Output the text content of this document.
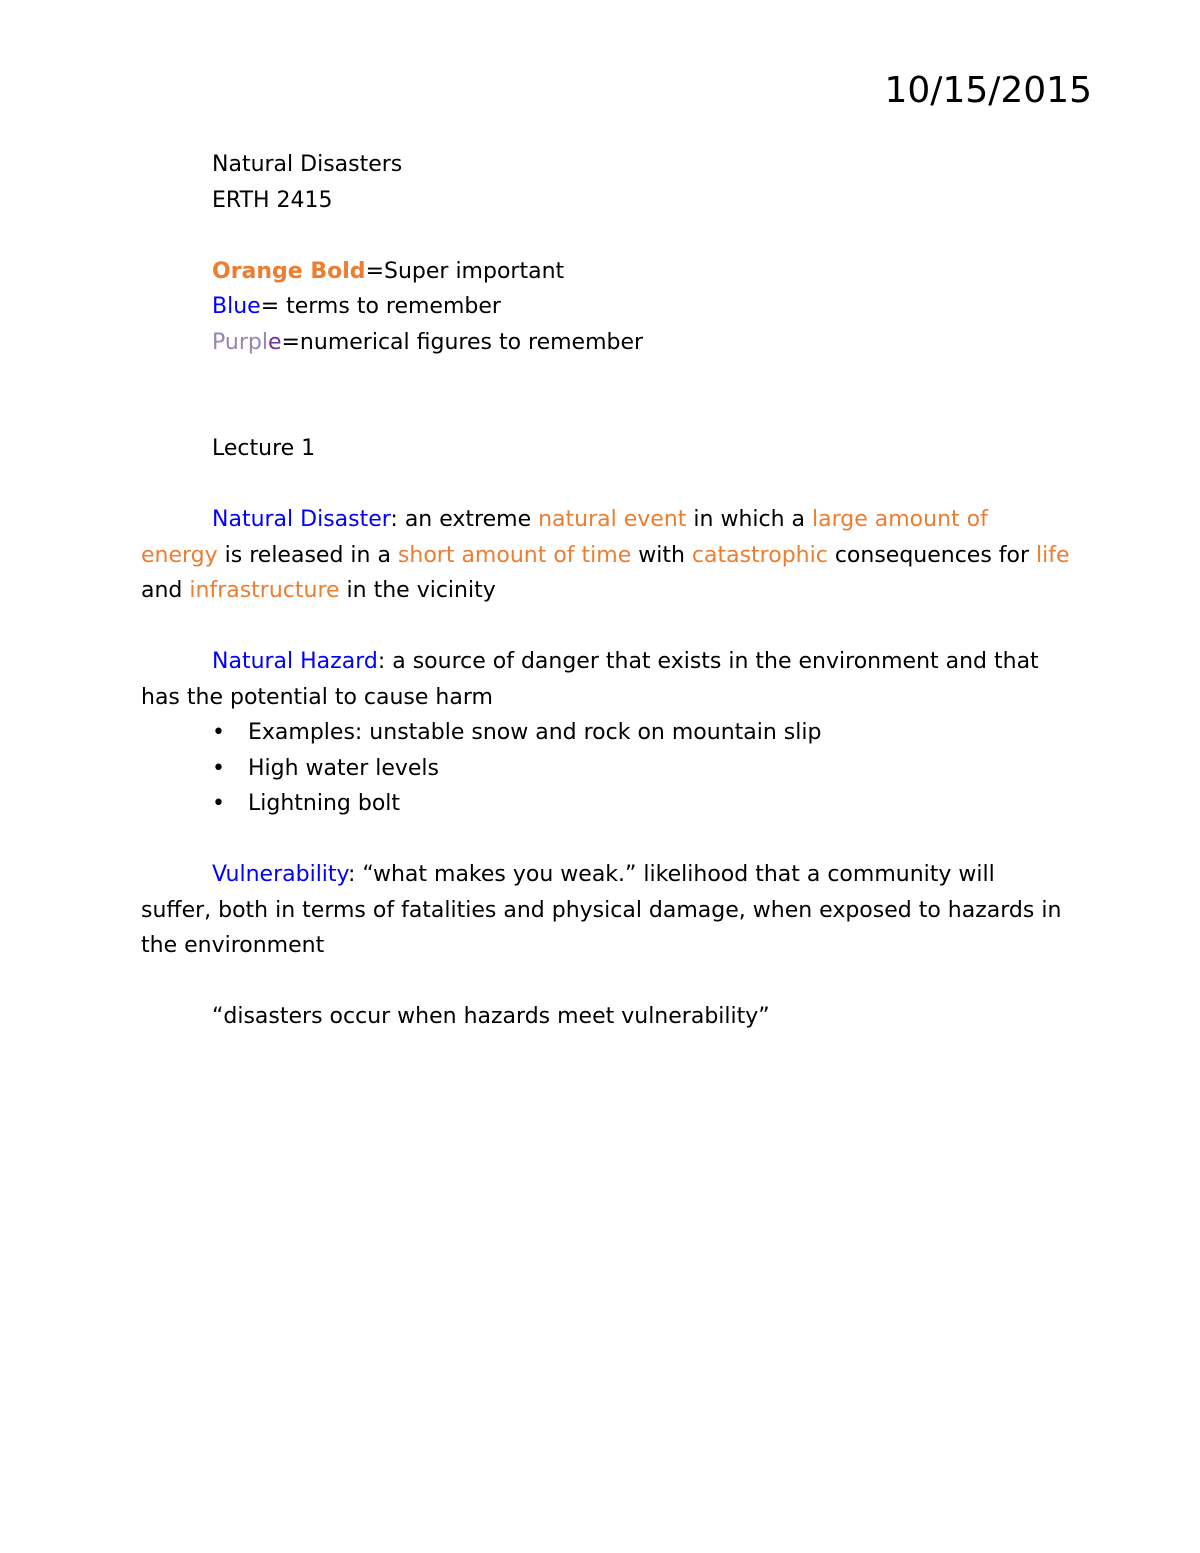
10/15/2015
Natural Disasters
ERTH 2415
Orange Bold=Super important
Blue= terms to remember
Purple=numerical figures to remember
Lecture 1
Natural Disaster: an extreme natural event in which a large amount of energy is released in a short amount of time with catastrophic consequences for life and infrastructure in the vicinity
Natural Hazard: a source of danger that exists in the environment and that has the potential to cause harm
• Examples: unstable snow and rock on mountain slip
• High water levels
• Lightning bolt
Vulnerability: “what makes you weak.” likelihood that a community will suffer, both in terms of fatalities and physical damage, when exposed to hazards in the environment
“disasters occur when hazards meet vulnerability”
